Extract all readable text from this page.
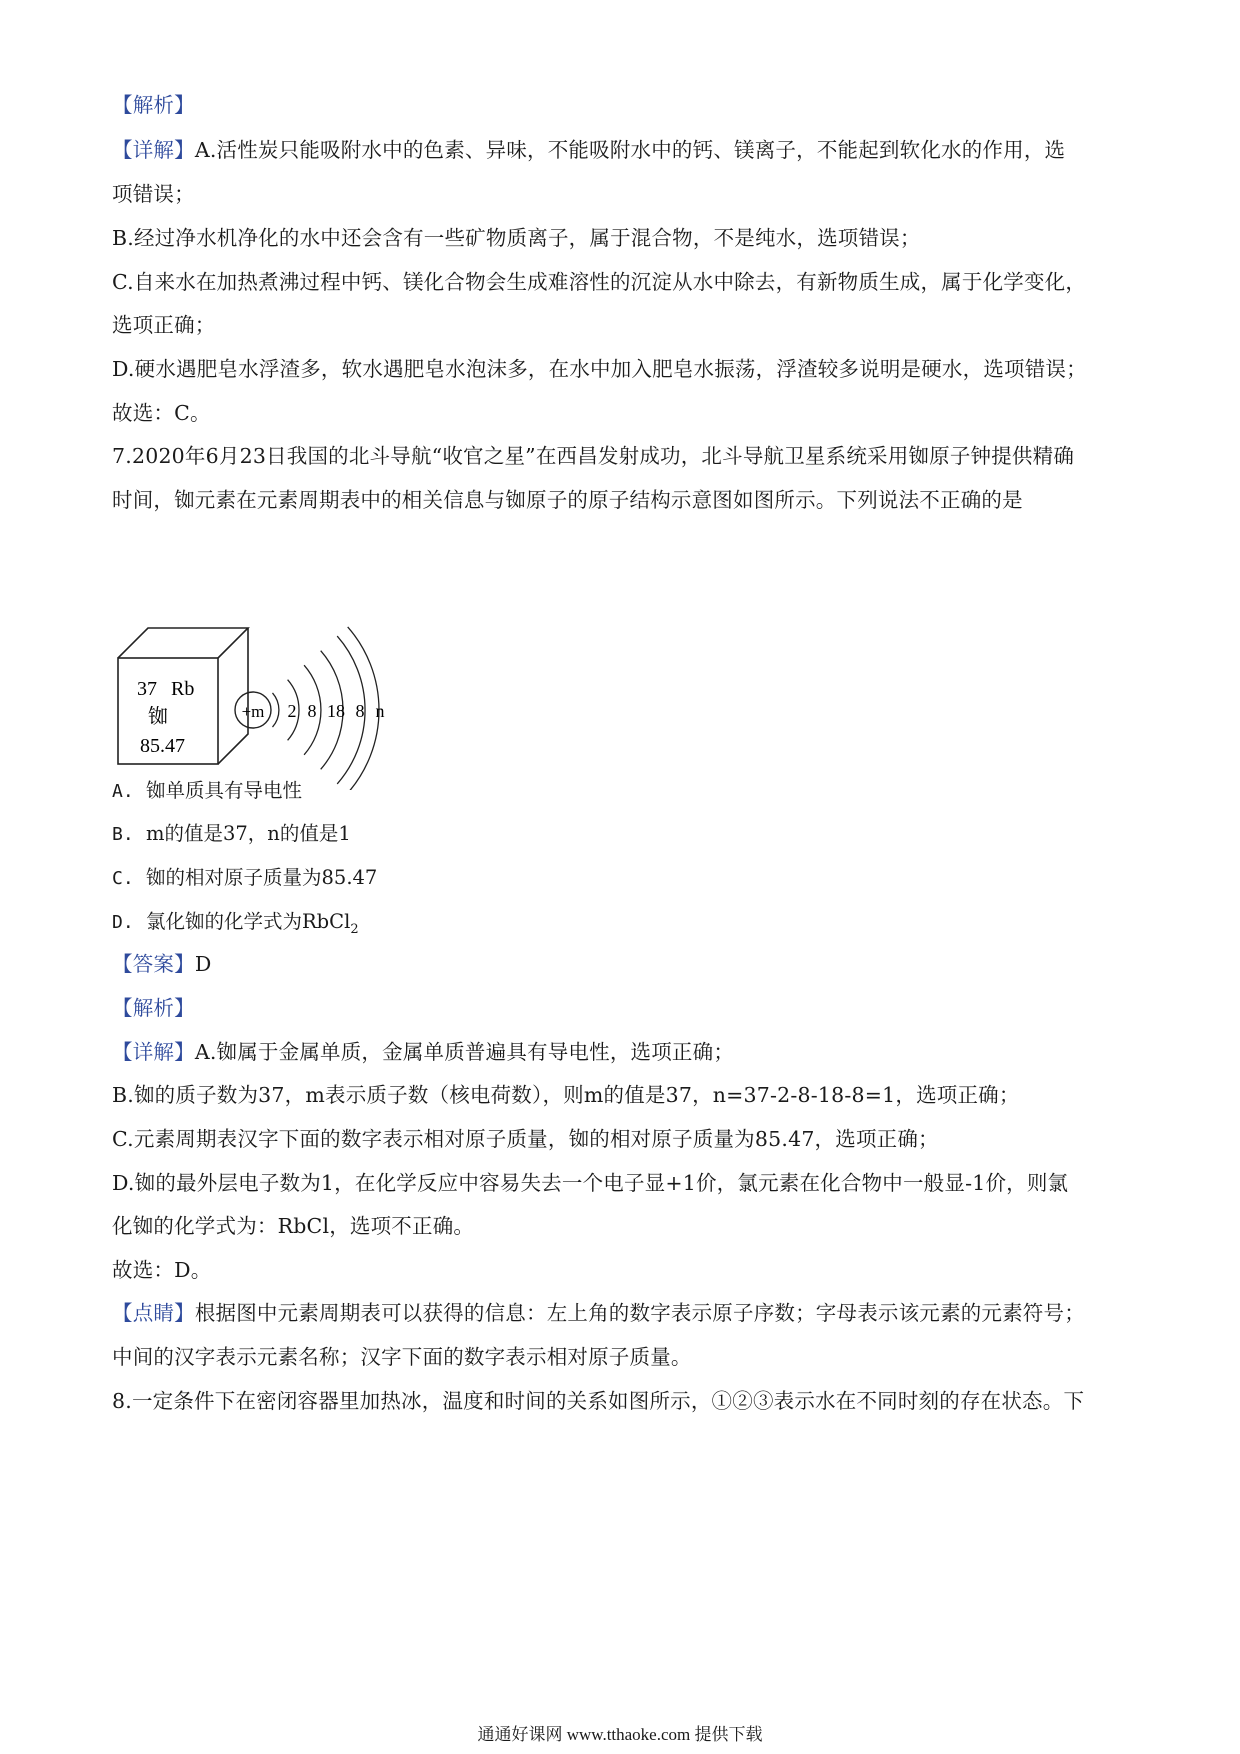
【解析】
【详解】A.活性炭只能吸附水中的色素、异味，不能吸附水中的钙、镁离子，不能起到软化水的作用，选
项错误；
B.经过净水机净化的水中还会含有一些矿物质离子，属于混合物，不是纯水，选项错误；
C.自来水在加热煮沸过程中钙、镁化合物会生成难溶性的沉淀从水中除去，有新物质生成，属于化学变化，
选项正确；
D.硬水遇肥皂水浮渣多，软水遇肥皂水泡沫多，在水中加入肥皂水振荡，浮渣较多说明是硬水，选项错误；
故选：C。
7.2020年6月23日我国的北斗导航“收官之星”在西昌发射成功，北斗导航卫星系统采用铷原子钟提供精确
时间，铷元素在元素周期表中的相关信息与铷原子的原子结构示意图如图所示。下列说法不正确的是
37 Rb
铷
85.47
+m 2 8 18 8 n
A. 铷单质具有导电性
B. m的值是37，n的值是1
C. 铷的相对原子质量为85.47
D. 氯化铷的化学式为RbCl$_2$
【答案】D
【解析】
【详解】A.铷属于金属单质，金属单质普遍具有导电性，选项正确；
B.铷的质子数为37，m表示质子数（核电荷数），则m的值是37，n=37-2-8-18-8=1，选项正确；
C.元素周期表汉字下面的数字表示相对原子质量，铷的相对原子质量为85.47，选项正确；
D.铷的最外层电子数为1，在化学反应中容易失去一个电子显+1价，氯元素在化合物中一般显-1价，则氯
化铷的化学式为：RbCl，选项不正确。
故选：D。
【点睛】根据图中元素周期表可以获得的信息：左上角的数字表示原子序数；字母表示该元素的元素符号；
中间的汉字表示元素名称；汉字下面的数字表示相对原子质量。
8.一定条件下在密闭容器里加热冰，温度和时间的关系如图所示，①②③表示水在不同时刻的存在状态。下
通通好课网 www.tthaoke.com 提供下载
